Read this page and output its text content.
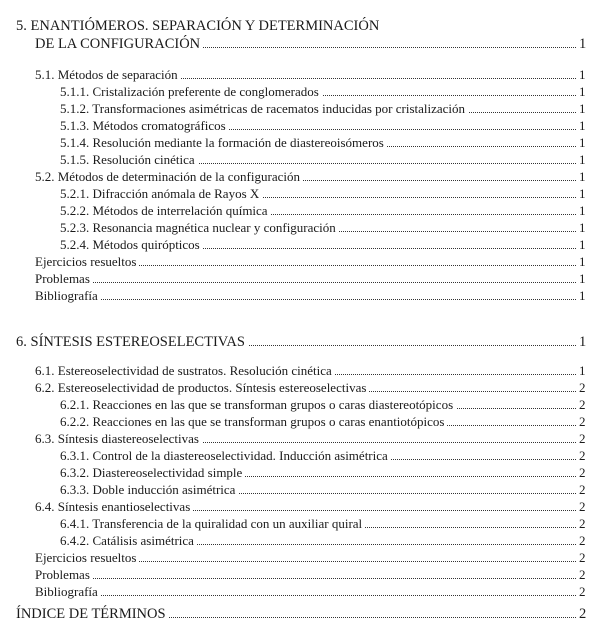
5. ENANTIÓMEROS. SEPARACIÓN Y DETERMINACIÓN
DE LA CONFIGURACIÓN	1
5.1. Métodos de separación	1
5.1.1. Cristalización preferente de conglomerados	1
5.1.2. Transformaciones asimétricas de racematos inducidas por cristalización	1
5.1.3. Métodos cromatográficos	1
5.1.4. Resolución mediante la formación de diastereoisómeros	1
5.1.5. Resolución cinética	1
5.2. Métodos de determinación de la configuración	1
5.2.1. Difracción anómala de Rayos X	1
5.2.2. Métodos de interrelación química	1
5.2.3. Resonancia magnética nuclear y configuración	1
5.2.4. Métodos quirópticos	1
Ejercicios resueltos	1
Problemas	1
Bibliografía	1
6. SÍNTESIS ESTEREOSELECTIVAS	1
6.1. Estereoselectividad de sustratos. Resolución cinética	1
6.2. Estereoselectividad de productos. Síntesis estereoselectivas	2
6.2.1. Reacciones en las que se transforman grupos o caras diastereotópicos	2
6.2.2. Reacciones en las que se transforman grupos o caras enantiotópicos	2
6.3. Síntesis diastereoselectivas	2
6.3.1. Control de la diastereoselectividad. Inducción asimétrica	2
6.3.2. Diastereoselectividad simple	2
6.3.3. Doble inducción asimétrica	2
6.4. Síntesis enantioselectivas	2
6.4.1. Transferencia de la quiralidad con un auxiliar quiral	2
6.4.2. Catálisis asimétrica	2
Ejercicios resueltos	2
Problemas	2
Bibliografía	2
ÍNDICE DE TÉRMINOS	2
